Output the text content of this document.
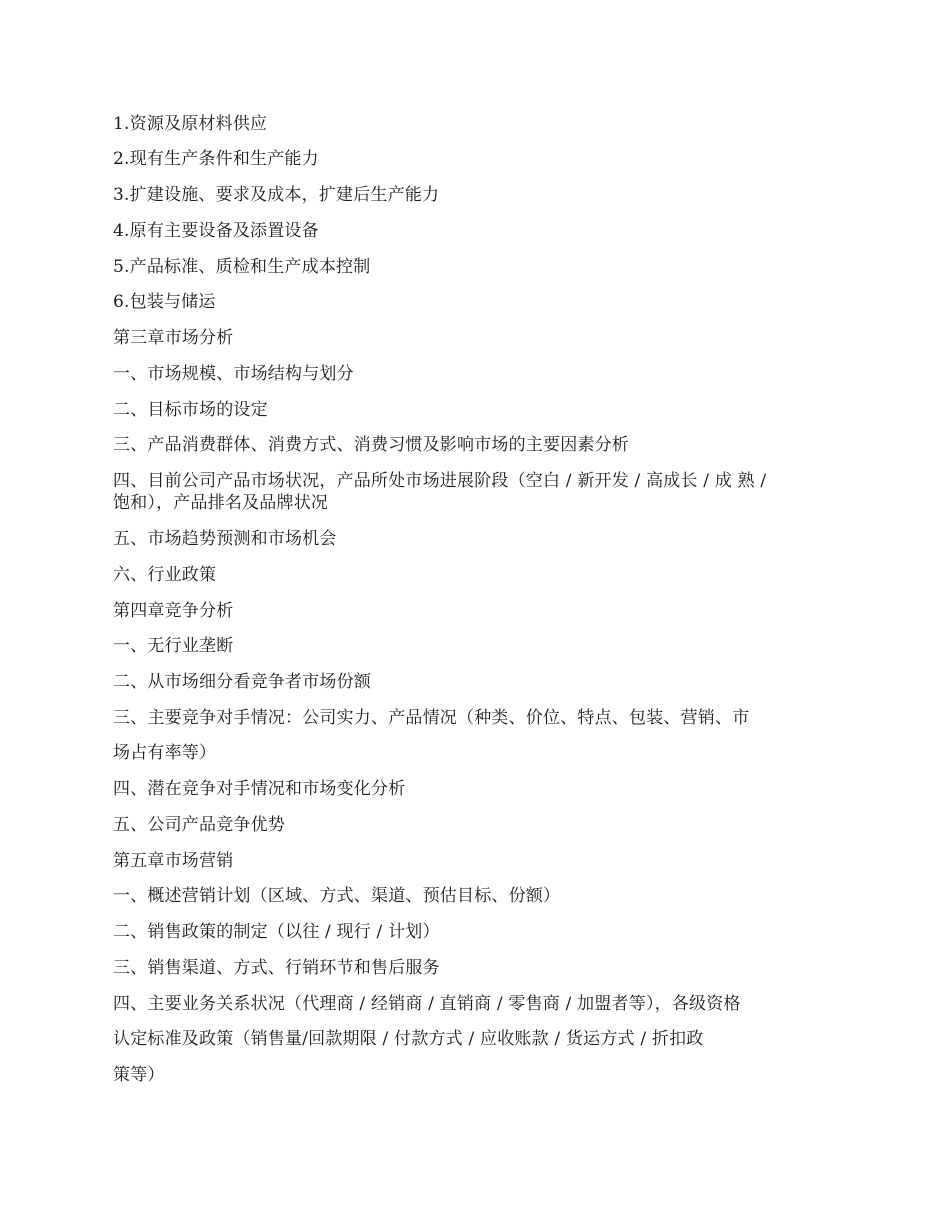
1.资源及原材料供应

2.现有生产条件和生产能力

3.扩建设施、要求及成本，扩建后生产能力

4.原有主要设备及添置设备

5.产品标准、质检和生产成本控制

6.包装与储运

第三章市场分析

一、市场规模、市场结构与划分

二、目标市场的设定

三、产品消费群体、消费方式、消费习惯及影响市场的主要因素分析

四、目前公司产品市场状况，产品所处市场进展阶段（空白 / 新开发 / 高成长 / 成 熟 /

饱和），产品排名及品牌状况

五、市场趋势预测和市场机会

六、行业政策

第四章竞争分析

一、无行业垄断

二、从市场细分看竞争者市场份额

三、主要竞争对手情况：公司实力、产品情况（种类、价位、特点、包装、营销、市

场占有率等）

四、潜在竞争对手情况和市场变化分析

五、公司产品竞争优势

第五章市场营销

一、概述营销计划（区域、方式、渠道、预估目标、份额）

二、销售政策的制定（以往 / 现行 / 计划）

三、销售渠道、方式、行销环节和售后服务

四、主要业务关系状况（代理商 / 经销商 / 直销商 / 零售商 / 加盟者等），各级资格

认定标准及政策（销售量/回款期限 / 付款方式 / 应收账款 / 货运方式 / 折扣政

策等）
